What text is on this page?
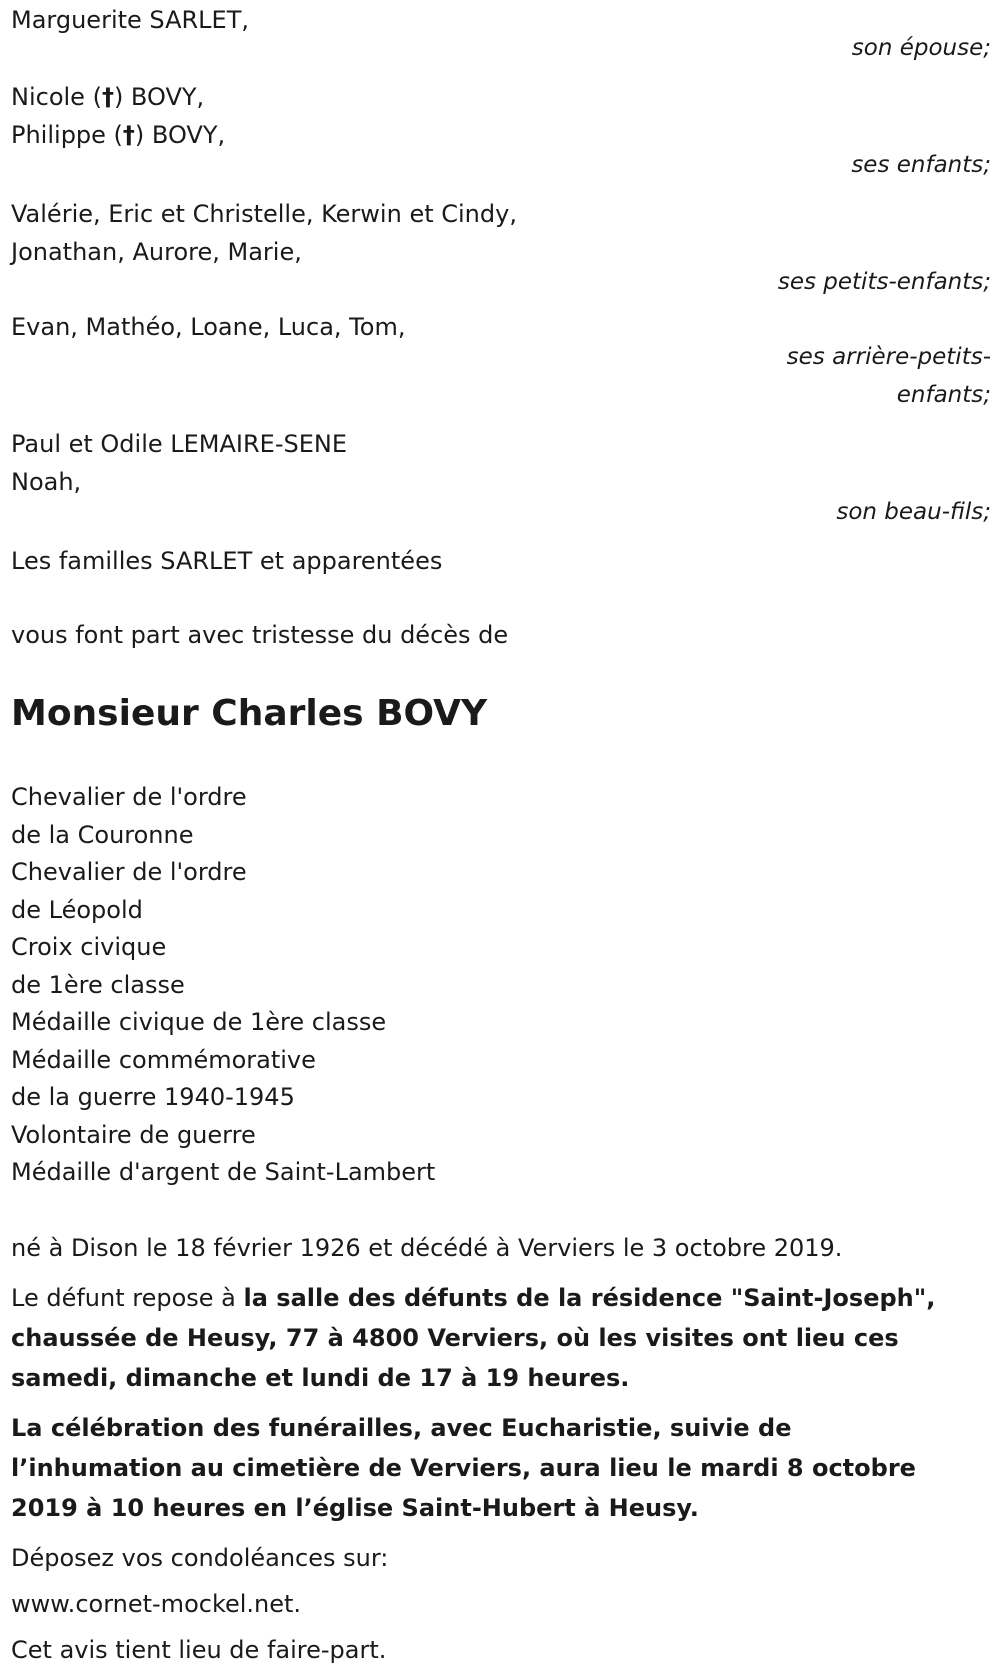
Marguerite SARLET,
son épouse;
Nicole (†) BOVY,
Philippe (†) BOVY,
ses enfants;
Valérie, Eric et Christelle, Kerwin et Cindy,
Jonathan, Aurore, Marie,
ses petits-enfants;
Evan, Mathéo, Loane, Luca, Tom,
ses arrière-petits-
enfants;
Paul et Odile LEMAIRE-SENE
Noah,
son beau-fils;
Les familles SARLET et apparentées
vous font part avec tristesse du décès de
Monsieur Charles BOVY
Chevalier de l'ordre
de la Couronne
Chevalier de l'ordre
de Léopold
Croix civique
de 1ère classe
Médaille civique de 1ère classe
Médaille commémorative
de la guerre 1940-1945
Volontaire de guerre
Médaille d'argent de Saint-Lambert

né à Dison le 18 février 1926 et décédé à Verviers le 3 octobre 2019.

Le défunt repose à la salle des défunts de la résidence "Saint-Joseph", chaussée de Heusy, 77 à 4800 Verviers, où les visites ont lieu ces samedi, dimanche et lundi de 17 à 19 heures.

La célébration des funérailles, avec Eucharistie, suivie de l’inhumation au cimetière de Verviers, aura lieu le mardi 8 octobre 2019 à 10 heures en l’église Saint-Hubert à Heusy.

Déposez vos condoléances sur:

www.cornet-mockel.net.

Cet avis tient lieu de faire-part.
